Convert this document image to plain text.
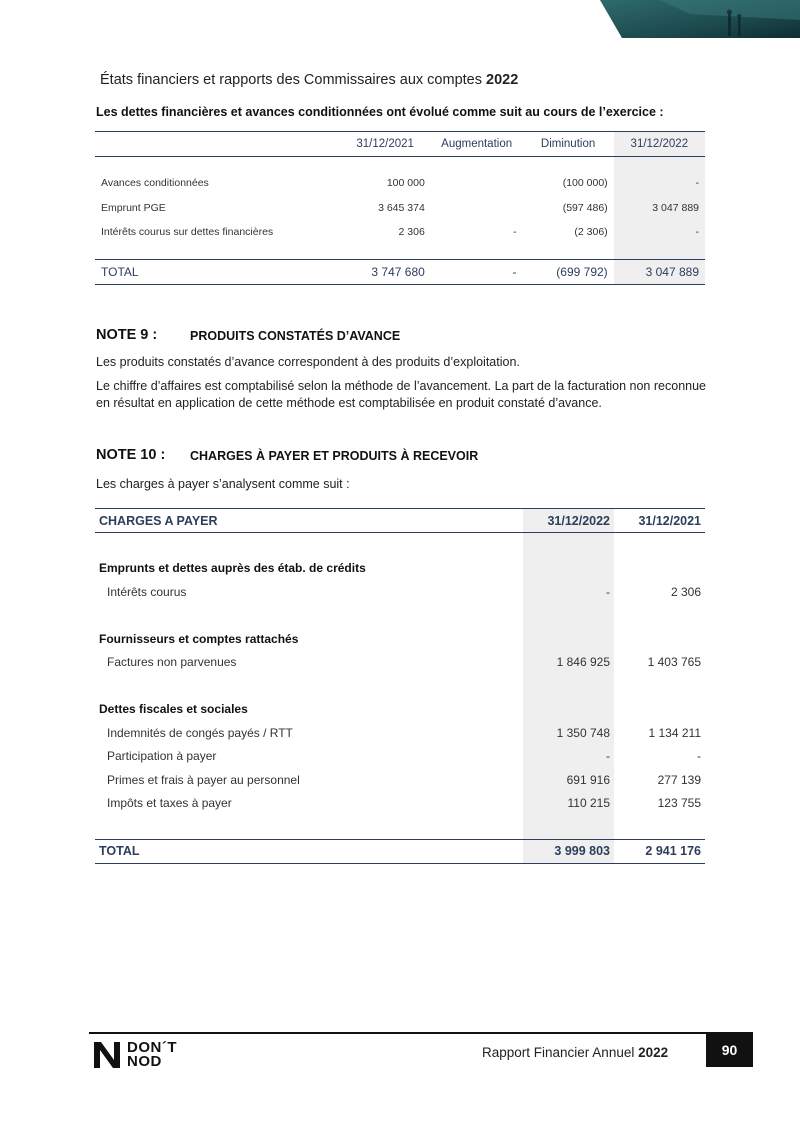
États financiers et rapports des Commissaires aux comptes 2022
Les dettes financières et avances conditionnées ont évolué comme suit au cours de l’exercice :
	31/12/2021	Augmentation	Diminution	31/12/2022

Avances conditionnées	100 000		(100 000)	-
Emprunt PGE	3 645 374		(597 486)	3 047 889
Intérêts courus sur dettes financières	2 306	-	(2 306)	-

TOTAL	3 747 680	-	(699 792)	3 047 889
NOTE 9 :	PRODUITS CONSTATÉS D’AVANCE
Les produits constatés d’avance correspondent à des produits d’exploitation.
Le chiffre d’affaires est comptabilisé selon la méthode de l’avancement. La part de la facturation non reconnue en résultat en application de cette méthode est comptabilisée en produit constaté d’avance.
NOTE 10 : CHARGES À PAYER ET PRODUITS À RECEVOIR
Les charges à payer s’analysent comme suit :
CHARGES A PAYER	31/12/2022	31/12/2021

Emprunts et dettes auprès des étab. de crédits		
Intérêts courus	-	2 306

Fournisseurs et comptes rattachés		
Factures non parvenues	1 846 925	1 403 765

Dettes fiscales et sociales		
Indemnités de congés payés / RTT	1 350 748	1 134 211
Participation à payer	-	-
Primes et frais à payer au personnel	691 916	277 139
Impôts et taxes à payer	110 215	123 755

TOTAL	3 999 803	2 941 176
DON´T
NOD
Rapport Financier Annuel 2022	90
